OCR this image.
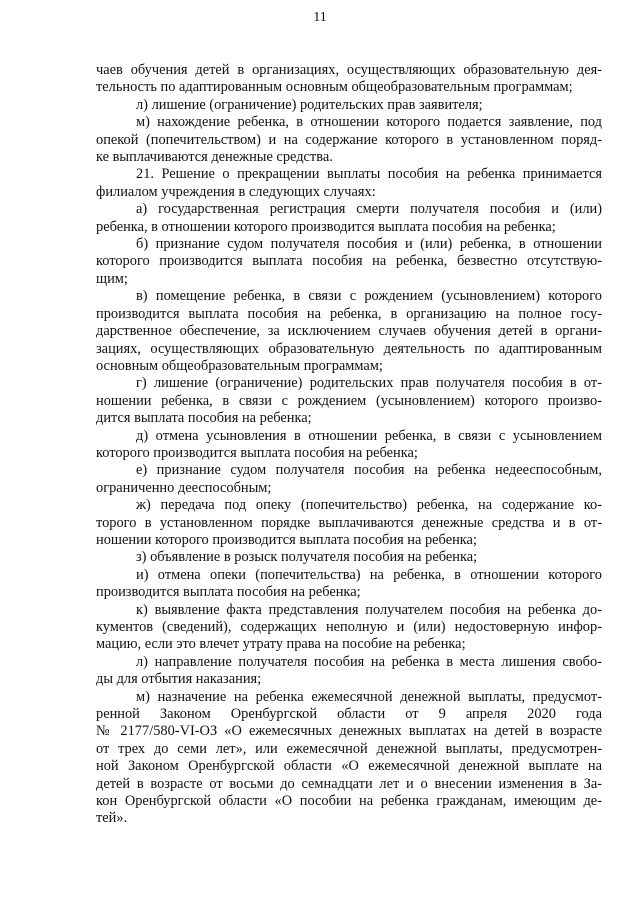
11
чаев обучения детей в организациях, осуществляющих образовательную дея-
тельность по адаптированным основным общеобразовательным программам;
л) лишение (ограничение) родительских прав заявителя;
м) нахождение ребенка, в отношении которого подается заявление, под
опекой (попечительством) и на содержание которого в установленном поряд-
ке выплачиваются денежные средства.
21. Решение о прекращении выплаты пособия на ребенка принимается
филиалом учреждения в следующих случаях:
а) государственная регистрация смерти получателя пособия и (или)
ребенка, в отношении которого производится выплата пособия на ребенка;
б) признание судом получателя пособия и (или) ребенка, в отношении
которого производится выплата пособия на ребенка, безвестно отсутствую-
щим;
в) помещение ребенка, в связи с рождением (усыновлением) которого
производится выплата пособия на ребенка, в организацию на полное госу-
дарственное обеспечение, за исключением случаев обучения детей в органи-
зациях, осуществляющих образовательную деятельность по адаптированным
основным общеобразовательным программам;
г) лишение (ограничение) родительских прав получателя пособия в от-
ношении ребенка, в связи с рождением (усыновлением) которого произво-
дится выплата пособия на ребенка;
д) отмена усыновления в отношении ребенка, в связи с усыновлением
которого производится выплата пособия на ребенка;
е) признание судом получателя пособия на ребенка недееспособным,
ограниченно дееспособным;
ж) передача под опеку (попечительство) ребенка, на содержание ко-
торого в установленном порядке выплачиваются денежные средства и в от-
ношении которого производится выплата пособия на ребенка;
з) объявление в розыск получателя пособия на ребенка;
и) отмена опеки (попечительства) на ребенка, в отношении которого
производится выплата пособия на ребенка;
к) выявление факта представления получателем пособия на ребенка до-
кументов (сведений), содержащих неполную и (или) недостоверную инфор-
мацию, если это влечет утрату права на пособие на ребенка;
л) направление получателя пособия на ребенка в места лишения свобо-
ды для отбытия наказания;
м) назначение на ребенка ежемесячной денежной выплаты, предусмот-
ренной Законом Оренбургской области от 9 апреля 2020 года
№ 2177/580-VI-ОЗ «О ежемесячных денежных выплатах на детей в возрасте
от трех до семи лет», или ежемесячной денежной выплаты, предусмотрен-
ной Законом Оренбургской области «О ежемесячной денежной выплате на
детей в возрасте от восьми до семнадцати лет и о внесении изменения в За-
кон Оренбургской области «О пособии на ребенка гражданам, имеющим де-
тей».
